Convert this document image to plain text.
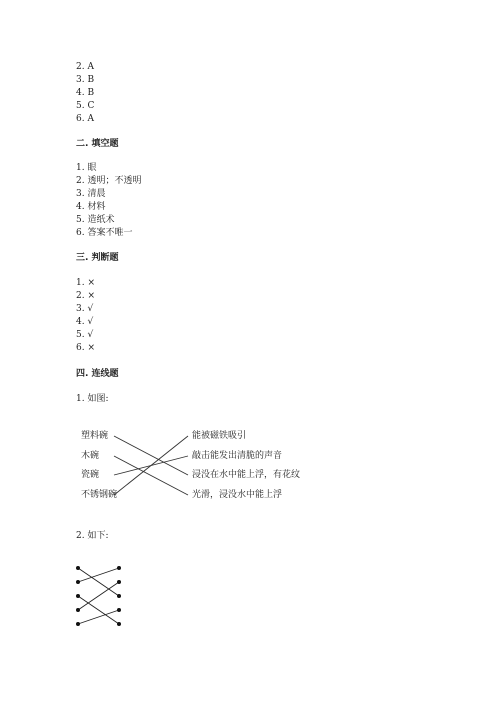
2. A
3. B
4. B
5. C
6. A
二. 填空题
1. 眼
2. 透明；不透明
3. 清晨
4. 材料
5. 造纸术
6. 答案不唯一
三. 判断题
1. ×
2. ×
3. √
4. √
5. √
6. ×
四. 连线题
1. 如图:
塑料碗
木碗
瓷碗
不锈钢碗
能被磁铁吸引
敲击能发出清脆的声音
浸没在水中能上浮，有花纹
光滑，浸没水中能上浮
2. 如下:
